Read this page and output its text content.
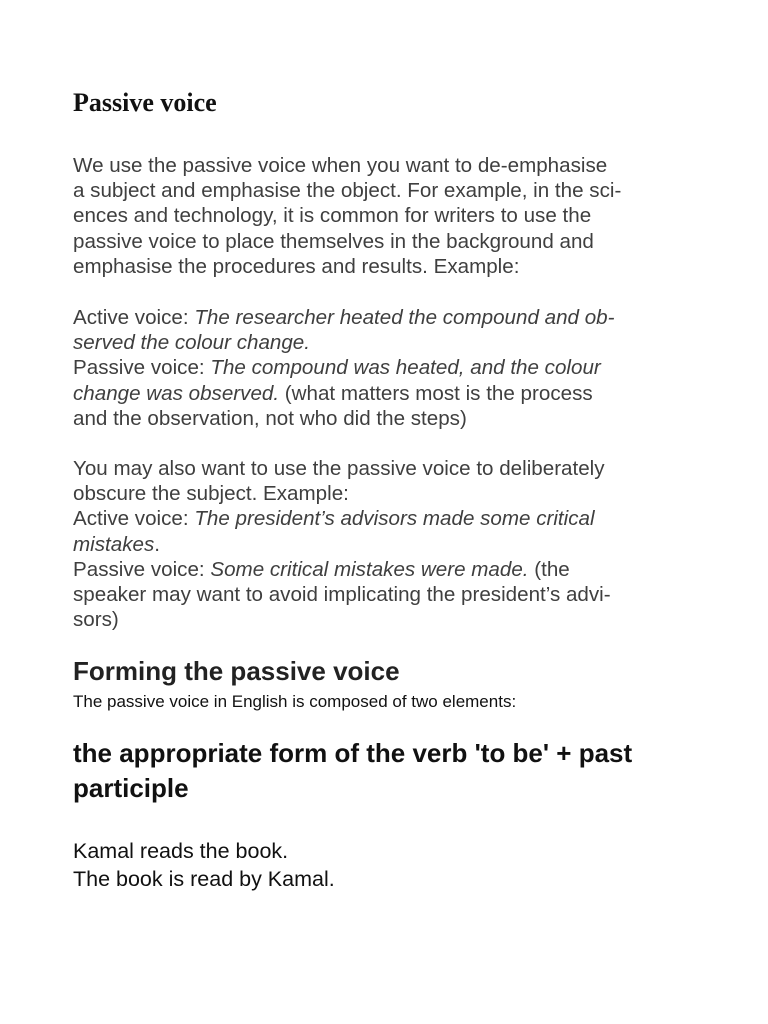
Passive voice

We use the passive voice when you want to de-emphasise
a subject and emphasise the object. For example, in the sci-
ences and technology, it is common for writers to use the
passive voice to place themselves in the background and
emphasise the procedures and results. Example:

Active voice: The researcher heated the compound and ob-
served the colour change.
Passive voice: The compound was heated, and the colour
change was observed. (what matters most is the process
and the observation, not who did the steps)

You may also want to use the passive voice to deliberately
obscure the subject. Example:
Active voice: The president’s advisors made some critical
mistakes.
Passive voice: Some critical mistakes were made. (the
speaker may want to avoid implicating the president’s advi-
sors)

Forming the passive voice

The passive voice in English is composed of two elements:

the appropriate form of the verb 'to be' + past participle

Kamal reads the book.

The book is read by Kamal.
